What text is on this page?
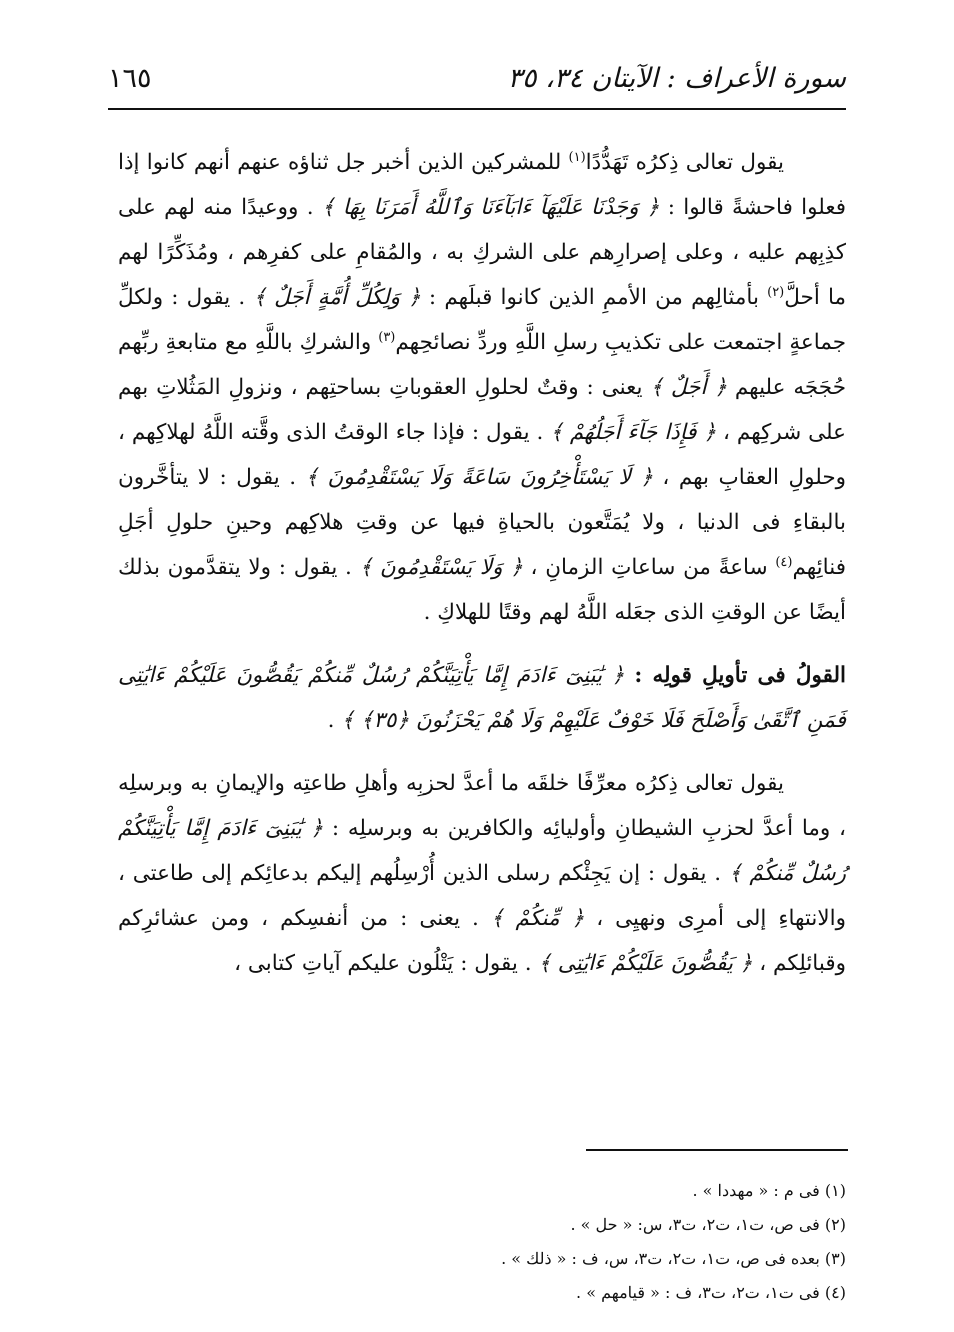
سورة الأعراف : الآيتان ٣٤، ٣٥
١٦٥

يقول تعالى ذِكرُه تَهَدُّدًا$^{(١)}$ للمشركين الذين أخبر جل ثناؤه عنهم أنهم كانوا إذا فعلوا فاحشةً قالوا : ﴿ وَجَدْنَا عَلَيْهَآ ءَابَآءَنَا وَٱللَّهُ أَمَرَنَا بِهَا ﴾ . ووعيدًا منه لهم على كذِبِهم عليه ، وعلى إصرارِهم على الشركِ به ، والمُقامِ على كفرِهم ، ومُذَكِّرًا لهم ما أحلَّ$^{(٢)}$ بأمثالِهم من الأممِ الذين كانوا قبلَهم : ﴿ وَلِكُلِّ أُمَّةٍ أَجَلٌ ﴾ . يقول : ولكلِّ جماعةٍ اجتمعت على تكذيبِ رسلِ اللَّهِ وردِّ نصائحِهم$^{(٣)}$ والشركِ باللَّهِ مع متابعةِ ربِّهم حُجَجَه عليهم ﴿ أَجَلٌ ﴾ يعنى : وقتٌ لحلولِ العقوباتِ بساحتِهم ، ونزولِ المَثُلاتِ بهم على شركِهم ، ﴿ فَإِذَا جَآءَ أَجَلُهُمْ ﴾ . يقول : فإذا جاء الوقتُ الذى وقَّته اللَّهُ لهلاكِهم ، وحلولِ العقابِ بهم ، ﴿ لَا يَسْتَأْخِرُونَ سَاعَةً وَلَا يَسْتَقْدِمُونَ ﴾ . يقول : لا يتأخَّرون بالبقاءِ فى الدنيا ، ولا يُمَتَّعون بالحياةِ فيها عن وقتِ هلاكِهم وحينِ حلولِ أجَلِ فنائِهم$^{(٤)}$ ساعةً من ساعاتِ الزمانِ ، ﴿ وَلَا يَسْتَقْدِمُونَ ﴾ . يقول : ولا يتقدَّمون بذلك أيضًا عن الوقتِ الذى جعَله اللَّهُ لهم وقتًا للهلاكِ .

القولُ فى تأويلِ قولِه : ﴿ يَٰبَنِىٓ ءَادَمَ إِمَّا يَأْتِيَنَّكُمْ رُسُلٌ مِّنكُمْ يَقُصُّونَ عَلَيْكُمْ ءَايَٰتِى فَمَنِ ٱتَّقَىٰ وَأَصْلَحَ فَلَا خَوْفٌ عَلَيْهِمْ وَلَا هُمْ يَحْزَنُونَ ﴿٣٥﴾ ﴾ .

يقول تعالى ذِكرُه معرِّفًا خلقَه ما أعدَّ لحزبِه وأهلِ طاعتِه والإيمانِ به وبرسلِه ، وما أعدَّ لحزبِ الشيطانِ وأوليائِه والكافرين به وبرسلِه : ﴿ يَٰبَنِىٓ ءَادَمَ إِمَّا يَأْتِيَنَّكُمْ رُسُلٌ مِّنكُمْ ﴾ . يقول : إن يَجِئْكم رسلى الذين أُرْسِلُهم إليكم بدعائِكم إلى طاعتى ، والانتهاءِ إلى أمرِى ونهيِى ، ﴿ مِّنكُمْ ﴾ . يعنى : من أنفسِكم ، ومن عشائرِكم وقبائلِكم ، ﴿ يَقُصُّونَ عَلَيْكُمْ ءَايَٰتِى ﴾ . يقول : يَتْلُون عليكم آياتِ كتابى ،

(١) فى م : « مهددا » .

(٢) فى ص، ت١، ت٢، ت٣، س: « حل » .

(٣) بعده فى ص، ت١، ت٢، ت٣، س، ف : « ذلك » .

(٤) فى ت١، ت٢، ت٣، ف : « قيامهم » .
